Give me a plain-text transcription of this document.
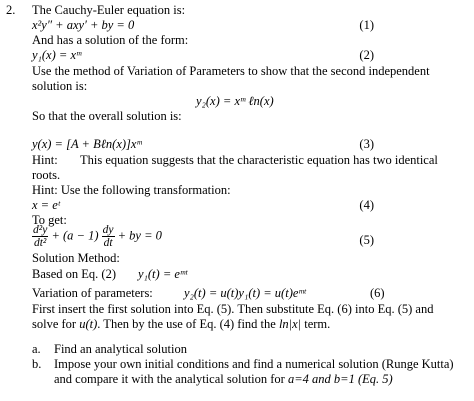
2. The Cauchy-Euler equation is:
x²y″ + axy′ + by = 0	(1)
And has a solution of the form:
y₁(x) = xᵐ	(2)
Use the method of Variation of Parameters to show that the second independent
solution is:
y₂(x) = xᵐ ℓn(x)
So that the overall solution is:
y(x) = [A + Bℓn(x)]xᵐ	(3)
Hint: This equation suggests that the characteristic equation has two identical
roots.
Hint: Use the following transformation:
x = eᵗ	(4)
To get:
$\frac{\text{d²y}}{\text{dt²}} + (a - 1) \frac{dy}{dt}$ + by = 0	(5)
Solution Method:
Based on Eq. (2) y₁(t) = eᵐᵗ
Variation of parameters: y₂(t) = u(t)y₁(t) = u(t)eᵐᵗ	(6)
First insert the first solution into Eq. (5). Then substitute Eq. (6) into Eq. (5) and
solve for u(t). Then by the use of Eq. (4) find the ln|x| term.
a. Find an analytical solution
b. Impose your own initial conditions and find a numerical solution (Runge Kutta)
and compare it with the analytical solution for a=4 and b=1 (Eq. 5)
